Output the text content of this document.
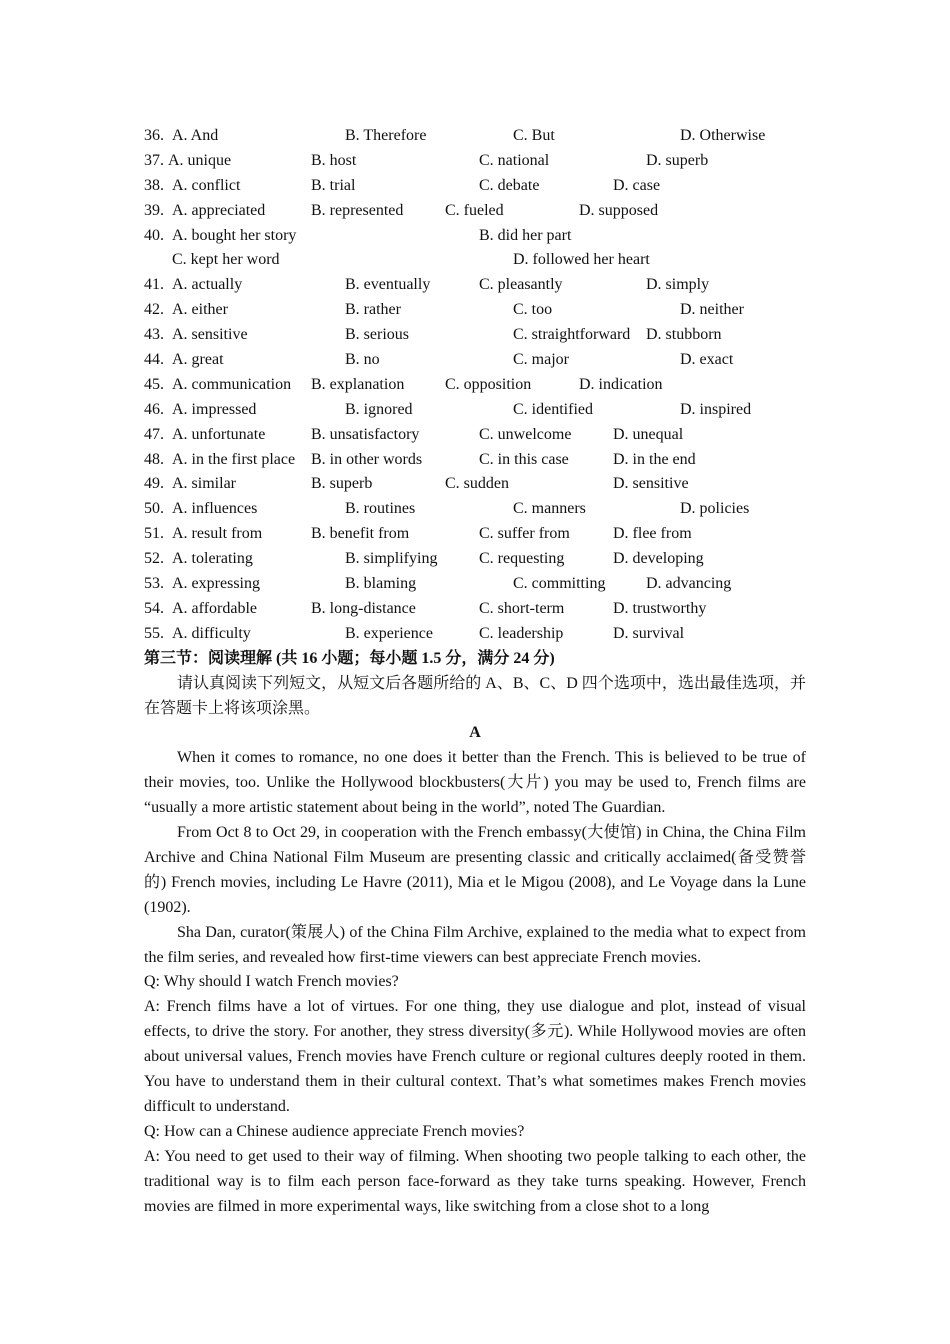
36. A. And	B. Therefore	C. But	D. Otherwise
37. A. unique	B. host	C. national	D. superb
38. A. conflict	B. trial	C. debate	D. case
39. A. appreciated	B. represented	C. fueled	D. supposed
40. A. bought her story	B. did her part
C. kept her word	D. followed her heart
41. A. actually	B. eventually	C. pleasantly	D. simply
42. A. either	B. rather	C. too	D. neither
43. A. sensitive	B. serious	C. straightforward D. stubborn
44. A. great	B. no	C. major	D. exact
45. A. communication B. explanation	C. opposition	D. indication
46. A. impressed	B. ignored	C. identified	D. inspired
47. A. unfortunate	B. unsatisfactory	C. unwelcome	D. unequal
48. A. in the first place B. in other words	C. in this case	D. in the end
49. A. similar	B. superb	C. sudden	D. sensitive
50. A. influences	B. routines	C. manners	D. policies
51. A. result from	B. benefit from	C. suffer from	D. flee from
52. A. tolerating	B. simplifying	C. requesting	D. developing
53. A. expressing	B. blaming	C. committing	D. advancing
54. A. affordable	B. long-distance	C. short-term	D. trustworthy
55. A. difficulty	B. experience	C. leadership	D. survival
第三节：阅读理解 (共 16 小题；每小题 1.5 分，满分 24 分)

请认真阅读下列短文，从短文后各题所给的 A、B、C、D 四个选项中，选出最佳选项，并在答题卡上将该项涂黑。

A

When it comes to romance, no one does it better than the French. This is believed to be true of their movies, too. Unlike the Hollywood blockbusters(大片) you may be used to, French films are “usually a more artistic statement about being in the world”, noted The Guardian.

From Oct 8 to Oct 29, in cooperation with the French embassy(大使馆) in China, the China Film Archive and China National Film Museum are presenting classic and critically acclaimed(备受赞誉的) French movies, including Le Havre (2011), Mia et le Migou (2008), and Le Voyage dans la Lune (1902).

Sha Dan, curator(策展人) of the China Film Archive, explained to the media what to expect from the film series, and revealed how first-time viewers can best appreciate French movies.

Q: Why should I watch French movies?

A: French films have a lot of virtues. For one thing, they use dialogue and plot, instead of visual effects, to drive the story. For another, they stress diversity(多元). While Hollywood movies are often about universal values, French movies have French culture or regional cultures deeply rooted in them. You have to understand them in their cultural context. That’s what sometimes makes French movies difficult to understand.

Q: How can a Chinese audience appreciate French movies?

A: You need to get used to their way of filming. When shooting two people talking to each other, the traditional way is to film each person face-forward as they take turns speaking. However, French movies are filmed in more experimental ways, like switching from a close shot to a long
